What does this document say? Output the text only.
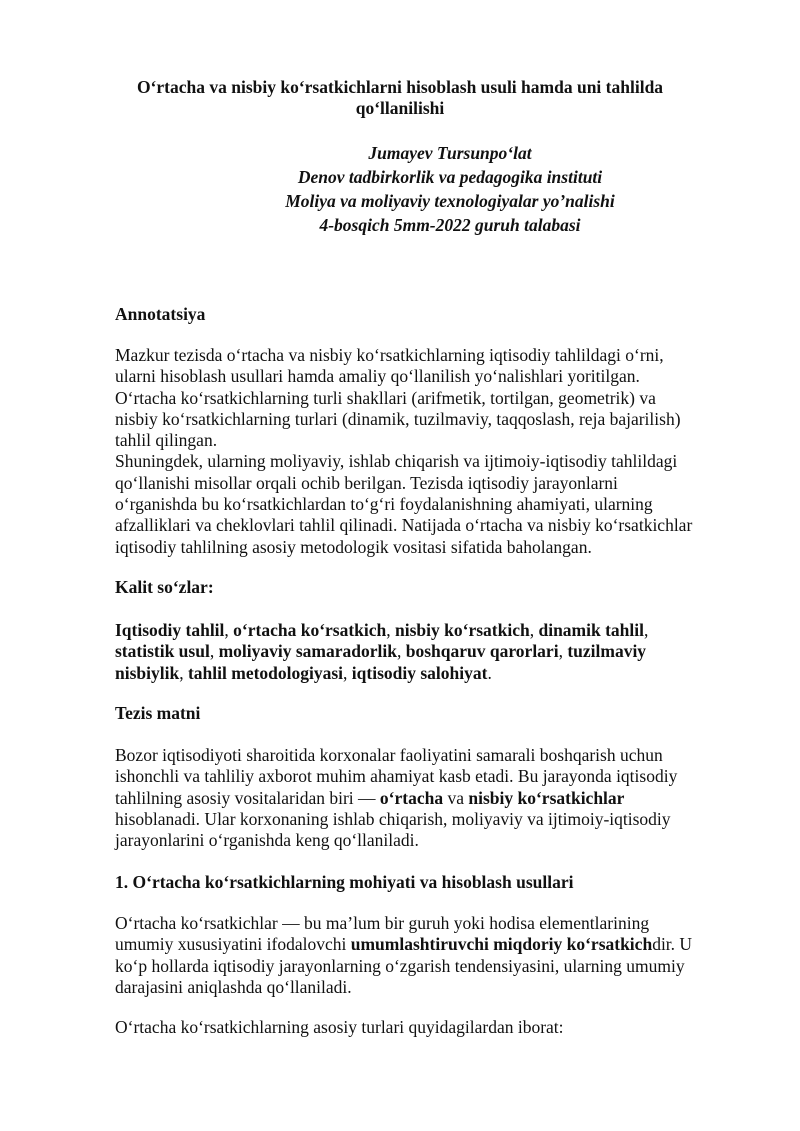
O‘rtacha va nisbiy ko‘rsatkichlarni hisoblash usuli hamda uni tahlilda
qo‘llanilishi
Jumayev Tursunpo‘lat
Denov tadbirkorlik va pedagogika instituti
Moliya va moliyaviy texnologiyalar yo’nalishi
4-bosqich 5mm-2022 guruh talabasi
Annotatsiya
Mazkur tezisda o‘rtacha va nisbiy ko‘rsatkichlarning iqtisodiy tahlildagi o‘rni,
ularni hisoblash usullari hamda amaliy qo‘llanilish yo‘nalishlari yoritilgan.
O‘rtacha ko‘rsatkichlarning turli shakllari (arifmetik, tortilgan, geometrik) va
nisbiy ko‘rsatkichlarning turlari (dinamik, tuzilmaviy, taqqoslash, reja bajarilish)
tahlil qilingan.
Shuningdek, ularning moliyaviy, ishlab chiqarish va ijtimoiy-iqtisodiy tahlildagi
qo‘llanishi misollar orqali ochib berilgan. Tezisda iqtisodiy jarayonlarni
o‘rganishda bu ko‘rsatkichlardan to‘g‘ri foydalanishning ahamiyati, ularning
afzalliklari va cheklovlari tahlil qilinadi. Natijada o‘rtacha va nisbiy ko‘rsatkichlar
iqtisodiy tahlilning asosiy metodologik vositasi sifatida baholangan.
Kalit so‘zlar:
Iqtisodiy tahlil, o‘rtacha ko‘rsatkich, nisbiy ko‘rsatkich, dinamik tahlil,
statistik usul, moliyaviy samaradorlik, boshqaruv qarorlari, tuzilmaviy
nisbiylik, tahlil metodologiyasi, iqtisodiy salohiyat.
Tezis matni
Bozor iqtisodiyoti sharoitida korxonalar faoliyatini samarali boshqarish uchun
ishonchli va tahliliy axborot muhim ahamiyat kasb etadi. Bu jarayonda iqtisodiy
tahlilning asosiy vositalaridan biri — o‘rtacha va nisbiy ko‘rsatkichlar
hisoblanadi. Ular korxonaning ishlab chiqarish, moliyaviy va ijtimoiy-iqtisodiy
jarayonlarini o‘rganishda keng qo‘llaniladi.
1. O‘rtacha ko‘rsatkichlarning mohiyati va hisoblash usullari
O‘rtacha ko‘rsatkichlar — bu ma’lum bir guruh yoki hodisa elementlarining
umumiy xususiyatini ifodalovchi umumlashtiruvchi miqdoriy ko‘rsatkichdir. U
ko‘p hollarda iqtisodiy jarayonlarning o‘zgarish tendensiyasini, ularning umumiy
darajasini aniqlashda qo‘llaniladi.
O‘rtacha ko‘rsatkichlarning asosiy turlari quyidagilardan iborat:
